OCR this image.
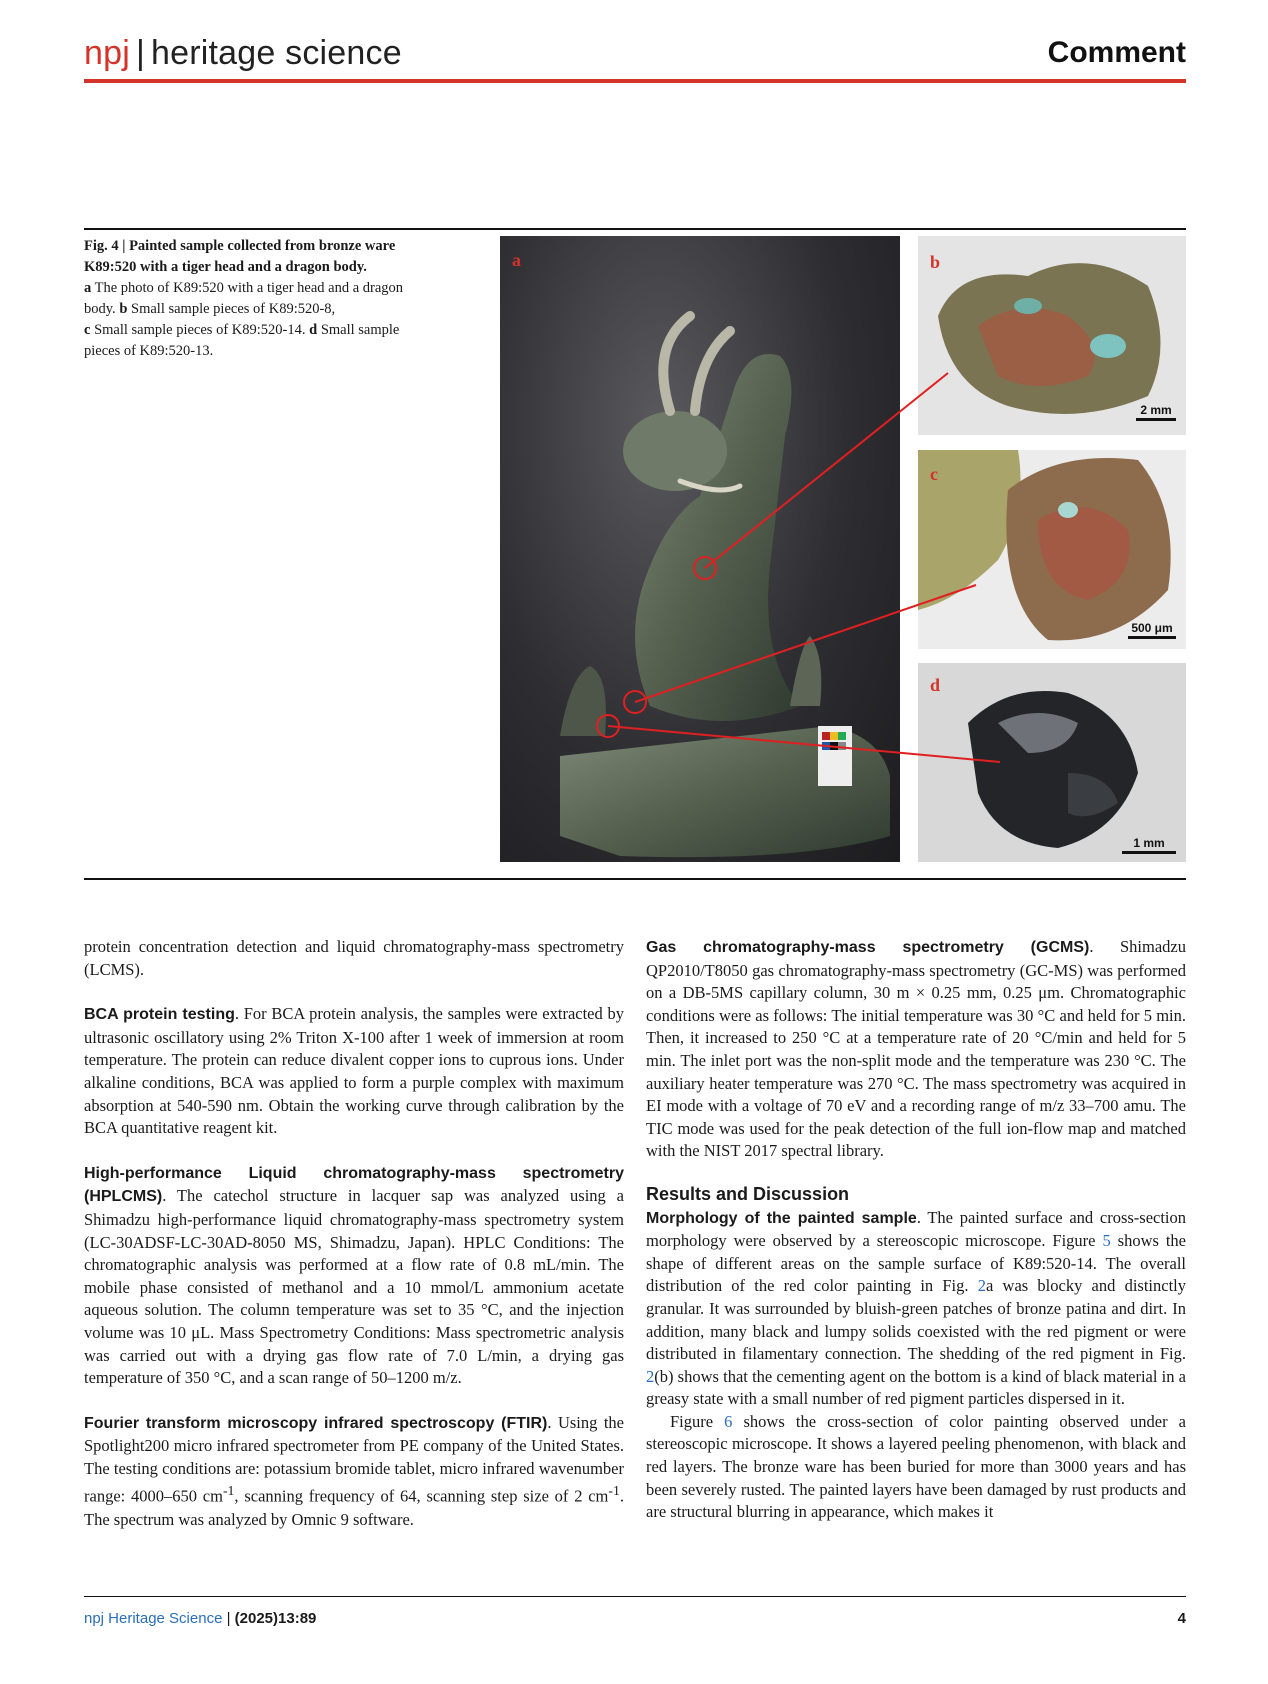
npj | heritage science	Comment
Fig. 4 | Painted sample collected from bronze ware K89:520 with a tiger head and a dragon body.
a The photo of K89:520 with a tiger head and a dragon body. b Small sample pieces of K89:520-8,
c Small sample pieces of K89:520-14. d Small sample pieces of K89:520-13.
a	b
2 mm
c
500 μm
d
1 mm

protein concentration detection and liquid chromatography-mass spectrometry (LCMS).

BCA protein testing. For BCA protein analysis, the samples were extracted by ultrasonic oscillatory using 2% Triton X-100 after 1 week of immersion at room temperature. The protein can reduce divalent copper ions to cuprous ions. Under alkaline conditions, BCA was applied to form a purple complex with maximum absorption at 540-590 nm. Obtain the working curve through calibration by the BCA quantitative reagent kit.

High-performance Liquid chromatography-mass spectrometry (HPLCMS). The catechol structure in lacquer sap was analyzed using a Shimadzu high-performance liquid chromatography-mass spectrometry system (LC-30ADSF-LC-30AD-8050 MS, Shimadzu, Japan). HPLC Conditions: The chromatographic analysis was performed at a flow rate of 0.8 mL/min. The mobile phase consisted of methanol and a 10 mmol/L ammonium acetate aqueous solution. The column temperature was set to 35 °C, and the injection volume was 10 μL. Mass Spectrometry Conditions: Mass spectrometric analysis was carried out with a drying gas flow rate of 7.0 L/min, a drying gas temperature of 350 °C, and a scan range of 50–1200 m/z.

Fourier transform microscopy infrared spectroscopy (FTIR). Using the Spotlight200 micro infrared spectrometer from PE company of the United States. The testing conditions are: potassium bromide tablet, micro infrared wavenumber range: 4000–650 $cm^{-1}$, scanning frequency of 64, scanning step size of 2 $cm^{-1}$. The spectrum was analyzed by Omnic 9 software.

Gas chromatography-mass spectrometry (GCMS). Shimadzu QP2010/T8050 gas chromatography-mass spectrometry (GC-MS) was performed on a DB-5MS capillary column, 30 m × 0.25 mm, 0.25 μm. Chromatographic conditions were as follows: The initial temperature was 30 °C and held for 5 min. Then, it increased to 250 °C at a temperature rate of 20 °C/min and held for 5 min. The inlet port was the non-split mode and the temperature was 230 °C. The auxiliary heater temperature was 270 °C. The mass spectrometry was acquired in EI mode with a voltage of 70 eV and a recording range of m/z 33–700 amu. The TIC mode was used for the peak detection of the full ion-flow map and matched with the NIST 2017 spectral library.

Results and Discussion

Morphology of the painted sample. The painted surface and cross-section morphology were observed by a stereoscopic microscope. Figure 5 shows the shape of different areas on the sample surface of K89:520-14. The overall distribution of the red color painting in Fig. 2a was blocky and distinctly granular. It was surrounded by bluish-green patches of bronze patina and dirt. In addition, many black and lumpy solids coexisted with the red pigment or were distributed in filamentary connection. The shedding of the red pigment in Fig. 2(b) shows that the cementing agent on the bottom is a kind of black material in a greasy state with a small number of red pigment particles dispersed in it.

Figure 6 shows the cross-section of color painting observed under a stereoscopic microscope. It shows a layered peeling phenomenon, with black and red layers. The bronze ware has been buried for more than 3000 years and has been severely rusted. The painted layers have been damaged by rust products and are structural blurring in appearance, which makes it

npj Heritage Science | (2025)13:89	4
